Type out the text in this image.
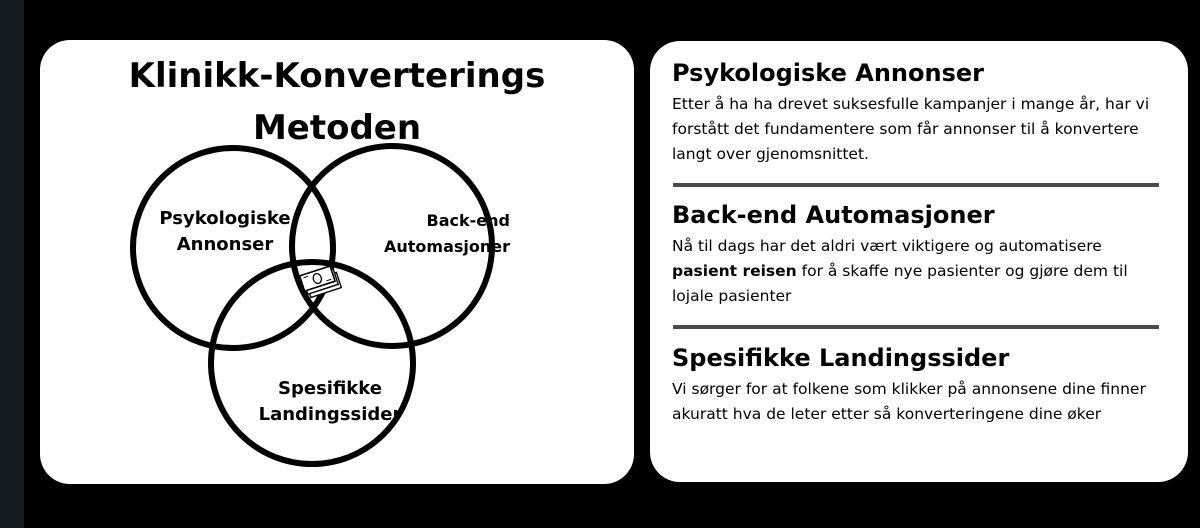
Klinikk-Konverterings
Metoden
Psykologiske
Annonser
Back-end
Automasjoner
Spesifikke
Landingssider
Psykologiske Annonser

Etter å ha ha drevet suksesfulle kampanjer i mange år, har vi forstått det fundamentere som får annonser til å konvertere langt over gjenomsnittet.

Back-end Automasjoner

Nå til dags har det aldri vært viktigere og automatisere pasient reisen for å skaffe nye pasienter og gjøre dem til lojale pasienter

Spesifikke Landingssider

Vi sørger for at folkene som klikker på annonsene dine finner akuratt hva de leter etter så konverteringene dine øker
